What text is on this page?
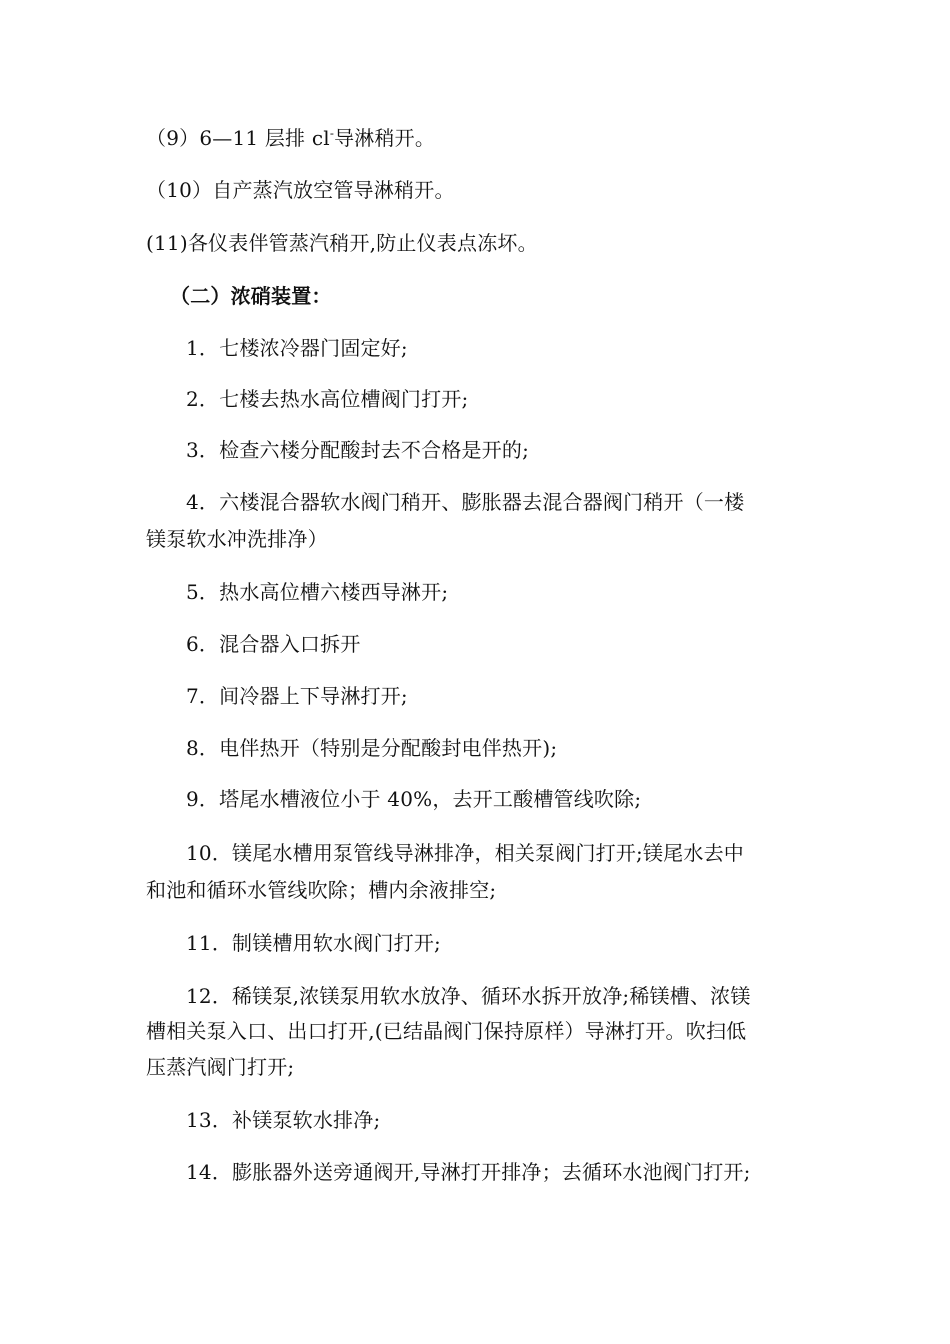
（9）6—11 层排 cl-导淋稍开。
（10）自产蒸汽放空管导淋稍开。
(11)各仪表伴管蒸汽稍开,防止仪表点冻坏。
（二）浓硝装置：
1．七楼浓冷器门固定好;
2．七楼去热水高位槽阀门打开;
3．检查六楼分配酸封去不合格是开的;
4．六楼混合器软水阀门稍开、膨胀器去混合器阀门稍开（一楼
镁泵软水冲洗排净）
5．热水高位槽六楼西导淋开;
6．混合器入口拆开
7．间冷器上下导淋打开;
8．电伴热开（特别是分配酸封电伴热开);
9．塔尾水槽液位小于 40%，去开工酸槽管线吹除;
10．镁尾水槽用泵管线导淋排净，相关泵阀门打开;镁尾水去中
和池和循环水管线吹除；槽内余液排空;
11．制镁槽用软水阀门打开;
12．稀镁泵,浓镁泵用软水放净、循环水拆开放净;稀镁槽、浓镁
槽相关泵入口、出口打开,(已结晶阀门保持原样）导淋打开。吹扫低
压蒸汽阀门打开;
13．补镁泵软水排净;
14．膨胀器外送旁通阀开,导淋打开排净；去循环水池阀门打开;
